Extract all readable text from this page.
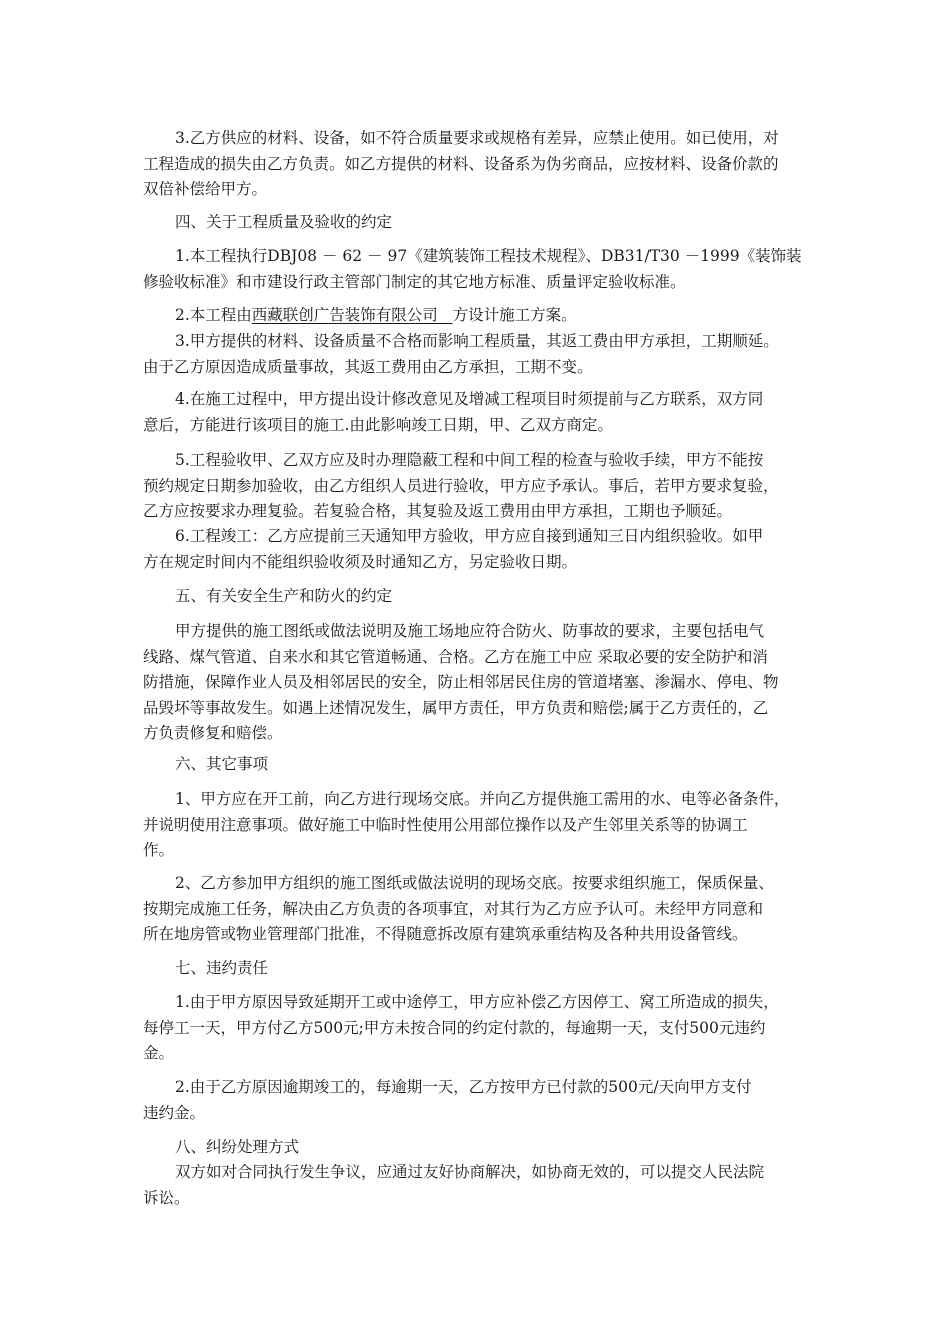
3.乙方供应的材料、设备，如不符合质量要求或规格有差异，应禁止使用。如已使用，对
工程造成的损失由乙方负责。如乙方提供的材料、设备系为伪劣商品，应按材料、设备价款的
双倍补偿给甲方。
四、关于工程质量及验收的约定
1.本工程执行DBJ08 － 62 － 97《建筑装饰工程技术规程》、DB31/T30 －1999《装饰装
修验收标准》和市建设行政主管部门制定的其它地方标准、质量评定验收标准。
2.本工程由西藏联创广告装饰有限公司   方设计施工方案。
3.甲方提供的材料、设备质量不合格而影响工程质量，其返工费由甲方承担，工期顺延。
由于乙方原因造成质量事故，其返工费用由乙方承担，工期不变。
4.在施工过程中，甲方提出设计修改意见及增减工程项目时须提前与乙方联系，双方同
意后，方能进行该项目的施工.由此影响竣工日期，甲、乙双方商定。
5.工程验收甲、乙双方应及时办理隐蔽工程和中间工程的检查与验收手续，甲方不能按
预约规定日期参加验收，由乙方组织人员进行验收，甲方应予承认。事后，若甲方要求复验，
乙方应按要求办理复验。若复验合格，其复验及返工费用由甲方承担，工期也予顺延。
6.工程竣工：乙方应提前三天通知甲方验收，甲方应自接到通知三日内组织验收。如甲
方在规定时间内不能组织验收须及时通知乙方，另定验收日期。
五、有关安全生产和防火的约定
甲方提供的施工图纸或做法说明及施工场地应符合防火、防事故的要求，主要包括电气
线路、煤气管道、自来水和其它管道畅通、合格。乙方在施工中应 采取必要的安全防护和消
防措施，保障作业人员及相邻居民的安全，防止相邻居民住房的管道堵塞、渗漏水、停电、物
品毁坏等事故发生。如遇上述情况发生，属甲方责任，甲方负责和赔偿;属于乙方责任的，乙
方负责修复和赔偿。
六、其它事项
1、甲方应在开工前，向乙方进行现场交底。并向乙方提供施工需用的水、电等必备条件，
并说明使用注意事项。做好施工中临时性使用公用部位操作以及产生邻里关系等的协调工
作。
2、乙方参加甲方组织的施工图纸或做法说明的现场交底。按要求组织施工，保质保量、
按期完成施工任务，解决由乙方负责的各项事宜，对其行为乙方应予认可。未经甲方同意和
所在地房管或物业管理部门批准，不得随意拆改原有建筑承重结构及各种共用设备管线。
七、违约责任
1.由于甲方原因导致延期开工或中途停工，甲方应补偿乙方因停工、窝工所造成的损失，
每停工一天，甲方付乙方500元;甲方未按合同的约定付款的，每逾期一天，支付500元违约
金。
2.由于乙方原因逾期竣工的，每逾期一天，乙方按甲方已付款的500元/天向甲方支付
违约金。
八、纠纷处理方式
双方如对合同执行发生争议，应通过友好协商解决，如协商无效的，可以提交人民法院
诉讼。
